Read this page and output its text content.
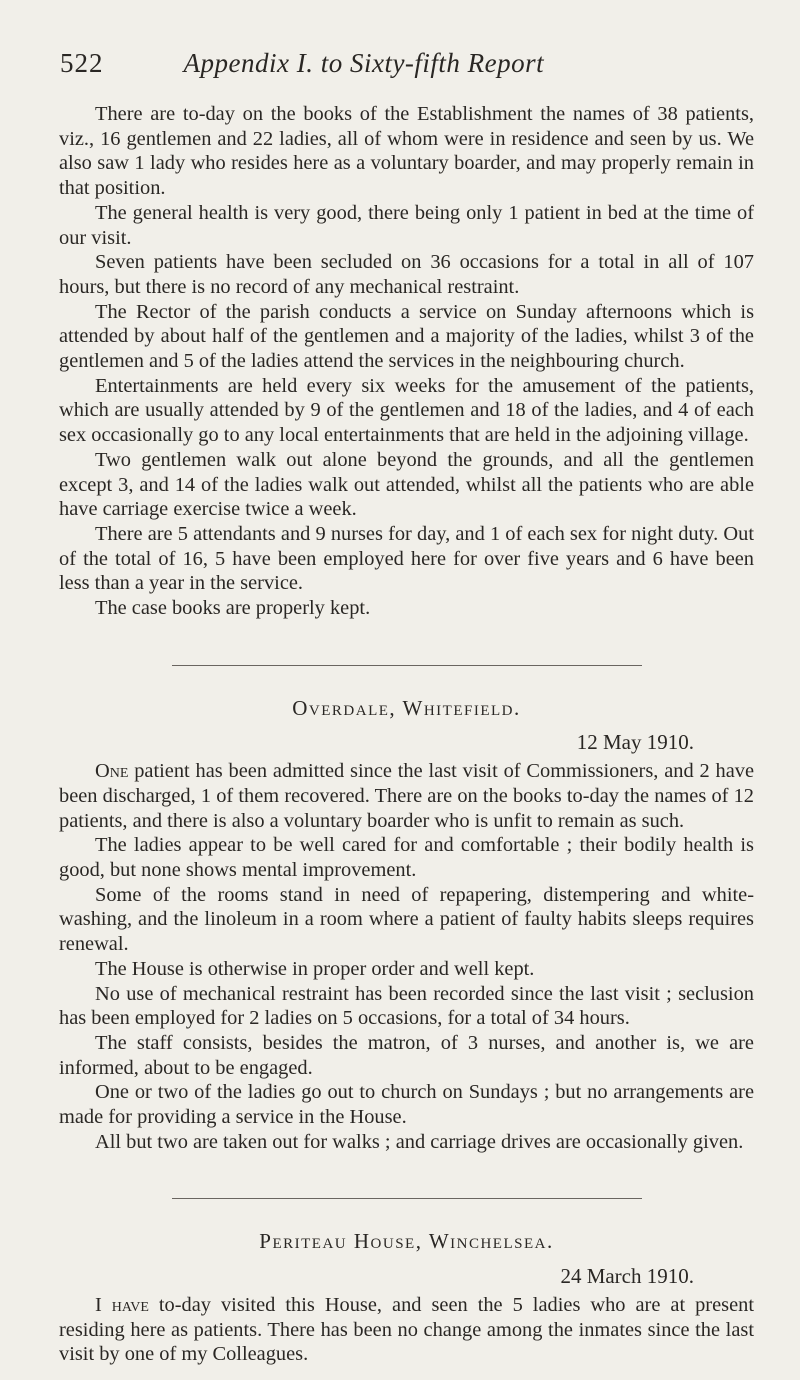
522	Appendix I. to Sixty-fifth Report

There are to-day on the books of the Establishment the names of 38 patients, viz., 16 gentlemen and 22 ladies, all of whom were in residence and seen by us. We also saw 1 lady who resides here as a voluntary boarder, and may properly remain in that position.

The general health is very good, there being only 1 patient in bed at the time of our visit.

Seven patients have been secluded on 36 occasions for a total in all of 107 hours, but there is no record of any mechanical restraint.

The Rector of the parish conducts a service on Sunday afternoons which is attended by about half of the gentlemen and a majority of the ladies, whilst 3 of the gentlemen and 5 of the ladies attend the services in the neighbouring church.

Entertainments are held every six weeks for the amusement of the patients, which are usually attended by 9 of the gentlemen and 18 of the ladies, and 4 of each sex occasionally go to any local entertainments that are held in the adjoining village.

Two gentlemen walk out alone beyond the grounds, and all the gentlemen except 3, and 14 of the ladies walk out attended, whilst all the patients who are able have carriage exercise twice a week.

There are 5 attendants and 9 nurses for day, and 1 of each sex for night duty. Out of the total of 16, 5 have been employed here for over five years and 6 have been less than a year in the service.

The case books are properly kept.

Overdale, Whitefield.
12 May 1910.

One patient has been admitted since the last visit of Commissioners, and 2 have been discharged, 1 of them recovered. There are on the books to-day the names of 12 patients, and there is also a voluntary boarder who is unfit to remain as such.

The ladies appear to be well cared for and comfortable ; their bodily health is good, but none shows mental improvement.

Some of the rooms stand in need of repapering, distempering and white-washing, and the linoleum in a room where a patient of faulty habits sleeps requires renewal.

The House is otherwise in proper order and well kept.

No use of mechanical restraint has been recorded since the last visit ; seclusion has been employed for 2 ladies on 5 occasions, for a total of 34 hours.

The staff consists, besides the matron, of 3 nurses, and another is, we are informed, about to be engaged.

One or two of the ladies go out to church on Sundays ; but no arrangements are made for providing a service in the House.

All but two are taken out for walks ; and carriage drives are occasionally given.

Periteau House, Winchelsea.
24 March 1910.

I have to-day visited this House, and seen the 5 ladies who are at present residing here as patients. There has been no change among the inmates since the last visit by one of my Colleagues.
